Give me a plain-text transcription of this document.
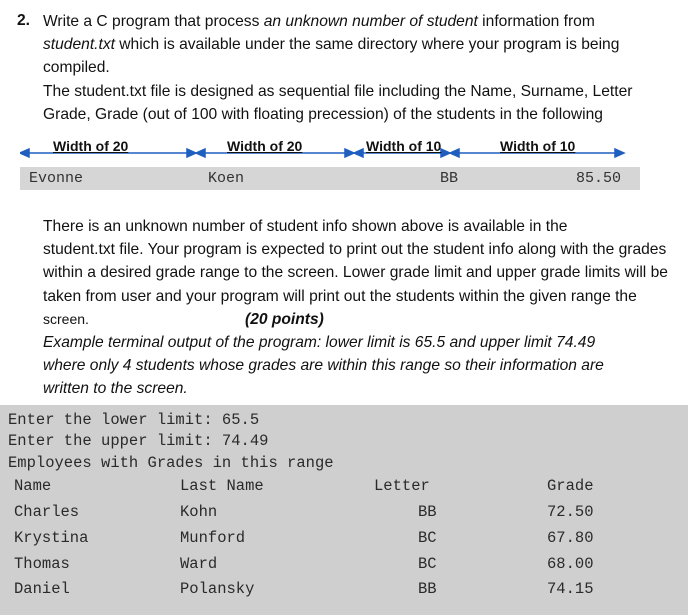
2. Write a C program that process an unknown number of student information from
student.txt which is available under the same directory where your program is being
compiled.
The student.txt file is designed as sequential file including the Name, Surname, Letter
Grade, Grade (out of 100 with floating precession) of the students in the following
Width of 20	Width of 20	Width of 10	Width of 10
Evonne	Koen	BB	85.50
There is an unknown number of student info shown above is available in the
student.txt file. Your program is expected to print out the student info along with the grades
within a desired grade range to the screen. Lower grade limit and upper grade limits will be
taken from user and your program will print out the students within the given range the
screen.	(20 points)
Example terminal output of the program: lower limit is 65.5 and upper limit 74.49
where only 4 students whose grades are within this range so their information are
written to the screen.
Enter the lower limit: 65.5
Enter the upper limit: 74.49
Employees with Grades in this range
Name	Last Name	Letter	Grade
Charles	Kohn	BB	72.50
Krystina	Munford	BC	67.80
Thomas	Ward	BC	68.00
Daniel	Polansky	BB	74.15
